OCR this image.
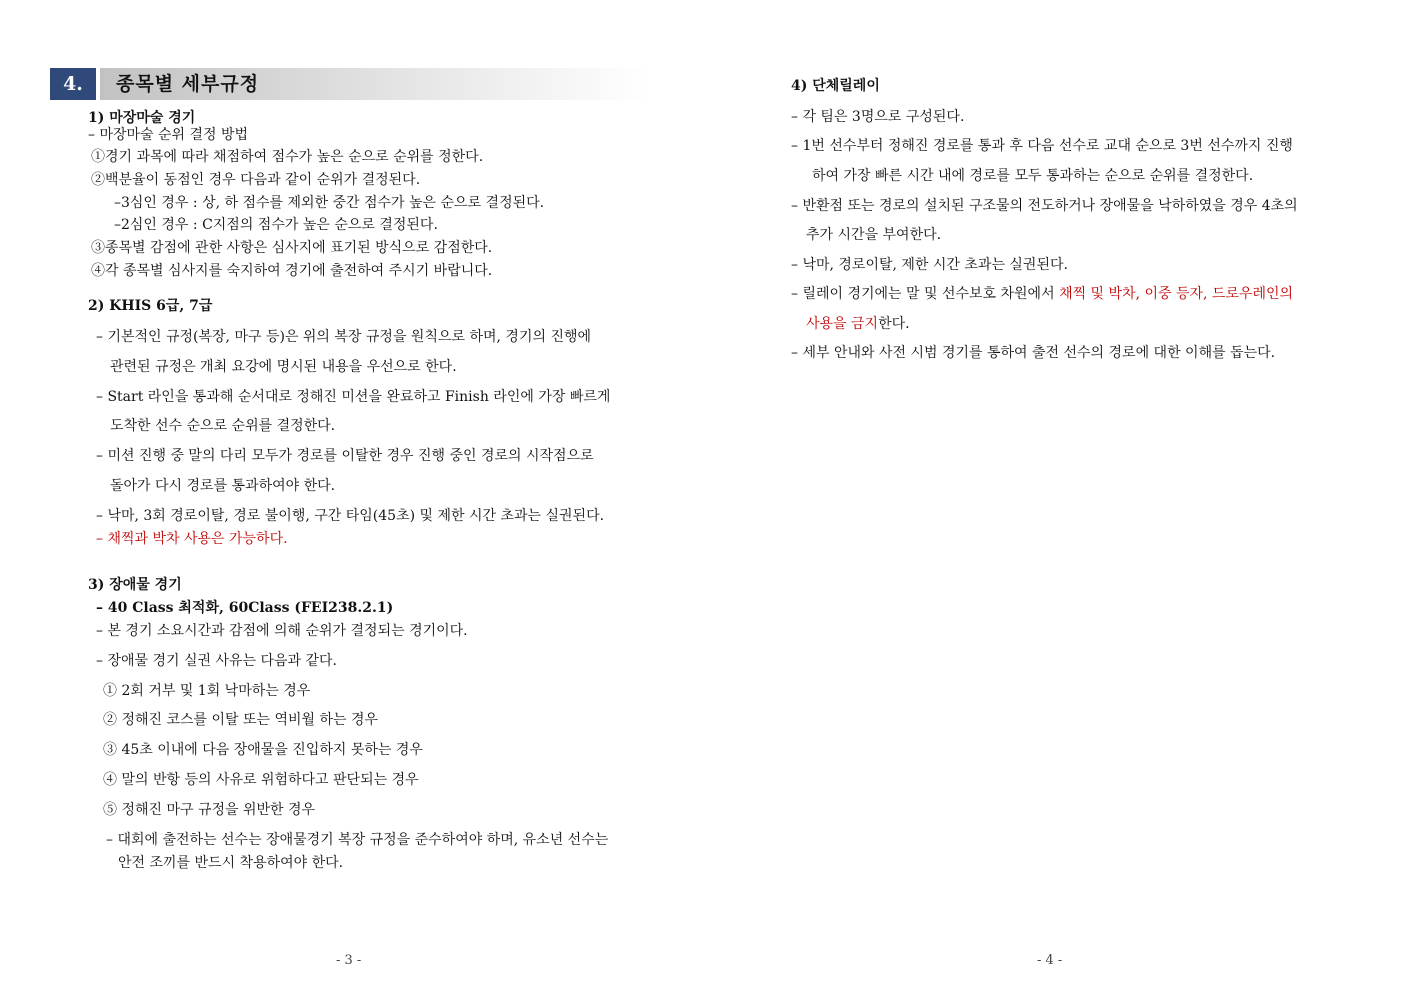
4.	종목별 세부규정
1) 마장마술 경기
– 마장마술 순위 결정 방법
①경기 과목에 따라 채점하여 점수가 높은 순으로 순위를 정한다.
②백분율이 동점인 경우 다음과 같이 순위가 결정된다.
–3심인 경우 : 상, 하 점수를 제외한 중간 점수가 높은 순으로 결정된다.
–2심인 경우 : C지점의 점수가 높은 순으로 결정된다.
③종목별 감점에 관한 사항은 심사지에 표기된 방식으로 감점한다.
④각 종목별 심사지를 숙지하여 경기에 출전하여 주시기 바랍니다.
2) KHIS 6급, 7급
– 기본적인 규정(복장, 마구 등)은 위의 복장 규정을 원칙으로 하며, 경기의 진행에
관련된 규정은 개최 요강에 명시된 내용을 우선으로 한다.
– Start 라인을 통과해 순서대로 정해진 미션을 완료하고 Finish 라인에 가장 빠르게
도착한 선수 순으로 순위를 결정한다.
– 미션 진행 중 말의 다리 모두가 경로를 이탈한 경우 진행 중인 경로의 시작점으로
돌아가 다시 경로를 통과하여야 한다.
– 낙마, 3회 경로이탈, 경로 불이행, 구간 타임(45초) 및 제한 시간 초과는 실권된다.
– 채찍과 박차 사용은 가능하다.
3) 장애물 경기
– 40 Class 최적화, 60Class (FEI238.2.1)
– 본 경기 소요시간과 감점에 의해 순위가 결정되는 경기이다.
– 장애물 경기 실권 사유는 다음과 같다.
① 2회 거부 및 1회 낙마하는 경우
② 정해진 코스를 이탈 또는 역비월 하는 경우
③ 45초 이내에 다음 장애물을 진입하지 못하는 경우
④ 말의 반항 등의 사유로 위험하다고 판단되는 경우
⑤ 정해진 마구 규정을 위반한 경우
– 대회에 출전하는 선수는 장애물경기 복장 규정을 준수하여야 하며, 유소년 선수는
안전 조끼를 반드시 착용하여야 한다.
- 3 -
4) 단체릴레이
– 각 팀은 3명으로 구성된다.
– 1번 선수부터 정해진 경로를 통과 후 다음 선수로 교대 순으로 3번 선수까지 진행
하여 가장 빠른 시간 내에 경로를 모두 통과하는 순으로 순위를 결정한다.
– 반환점 또는 경로의 설치된 구조물의 전도하거나 장애물을 낙하하였을 경우 4초의
추가 시간을 부여한다.
– 낙마, 경로이탈, 제한 시간 초과는 실권된다.
– 릴레이 경기에는 말 및 선수보호 차원에서 채찍 및 박차, 이중 등자, 드로우레인의
사용을 금지한다.
– 세부 안내와 사전 시범 경기를 통하여 출전 선수의 경로에 대한 이해를 돕는다.
- 4 -
